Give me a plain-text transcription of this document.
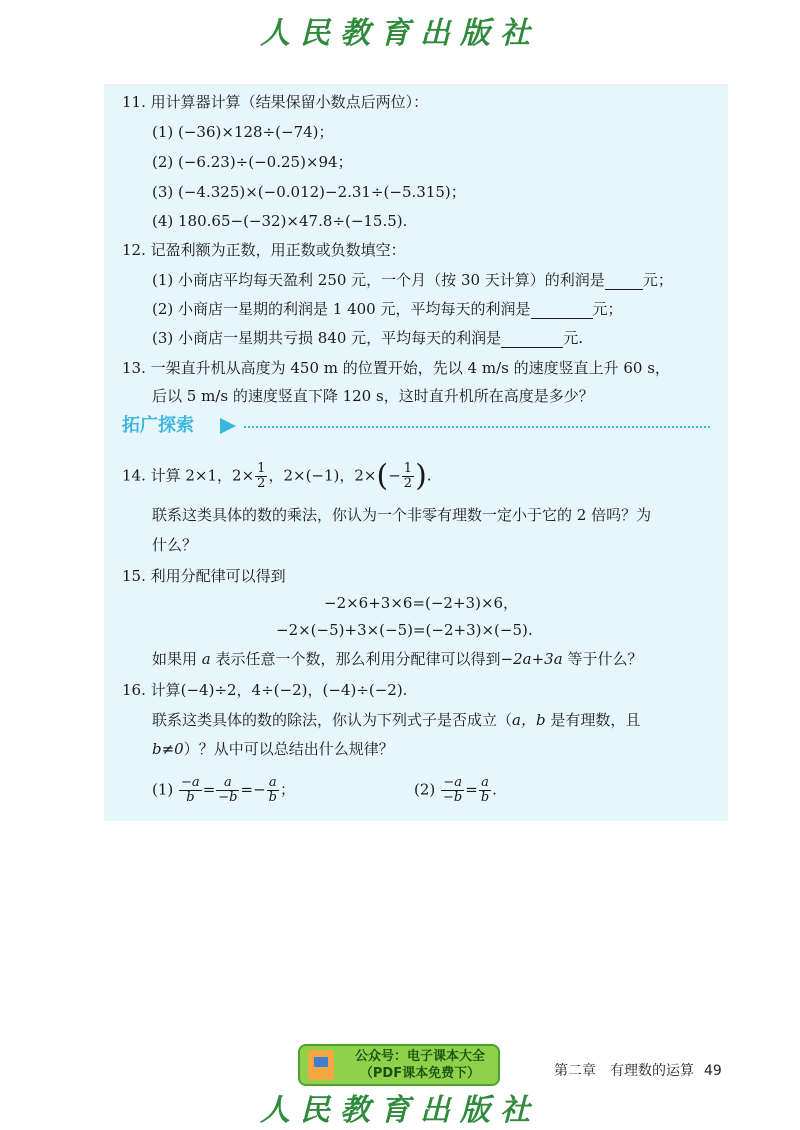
人民教育出版社
11. 用计算器计算（结果保留小数点后两位）：
(1) (−36)×128÷(−74)；
(2) (−6.23)÷(−0.25)×94；
(3) (−4.325)×(−0.012)−2.31÷(−5.315)；
(4) 180.65−(−32)×47.8÷(−15.5).
12. 记盈利额为正数，用正数或负数填空：
(1) 小商店平均每天盈利 250 元，一个月（按 30 天计算）的利润是	元；
(2) 小商店一星期的利润是 1 400 元，平均每天的利润是	元；
(3) 小商店一星期共亏损 840 元，平均每天的利润是	元.
13. 一架直升机从高度为 450 m 的位置开始，先以 4 m/s 的速度竖直上升 60 s，
后以 5 m/s 的速度竖直下降 120 s，这时直升机所在高度是多少？
拓广探索
14. 计算 2×1，$2\times \frac{1}{2}$ ，2×(−1)，$2\times(- \frac{1}{2}$ ).
联系这类具体的数的乘法，你认为一个非零有理数一定小于它的 2 倍吗？为
什么？
15. 利用分配律可以得到
−2×6+3×6=(−2+3)×6，
−2×(−5)+3×(−5)=(−2+3)×(−5).
如果用 a 表示任意一个数，那么利用分配律可以得到−2a+3a 等于什么？
16. 计算(−4)÷2，4÷(−2)，(−4)÷(−2).
联系这类具体的数的除法，你认为下列式子是否成立（a，b 是有理数，且
b≠0）？从中可以总结出什么规律？
$(1) \frac{-a}{b} = \frac{a}{-b} =- \frac{a}{b}$ ；	$(2) \frac{-a}{-b} = \frac{a}{b}$ .
公众号：电子课本大全
（PDF课本免费下）	第二章　有理数的运算 49
人民教育出版社
